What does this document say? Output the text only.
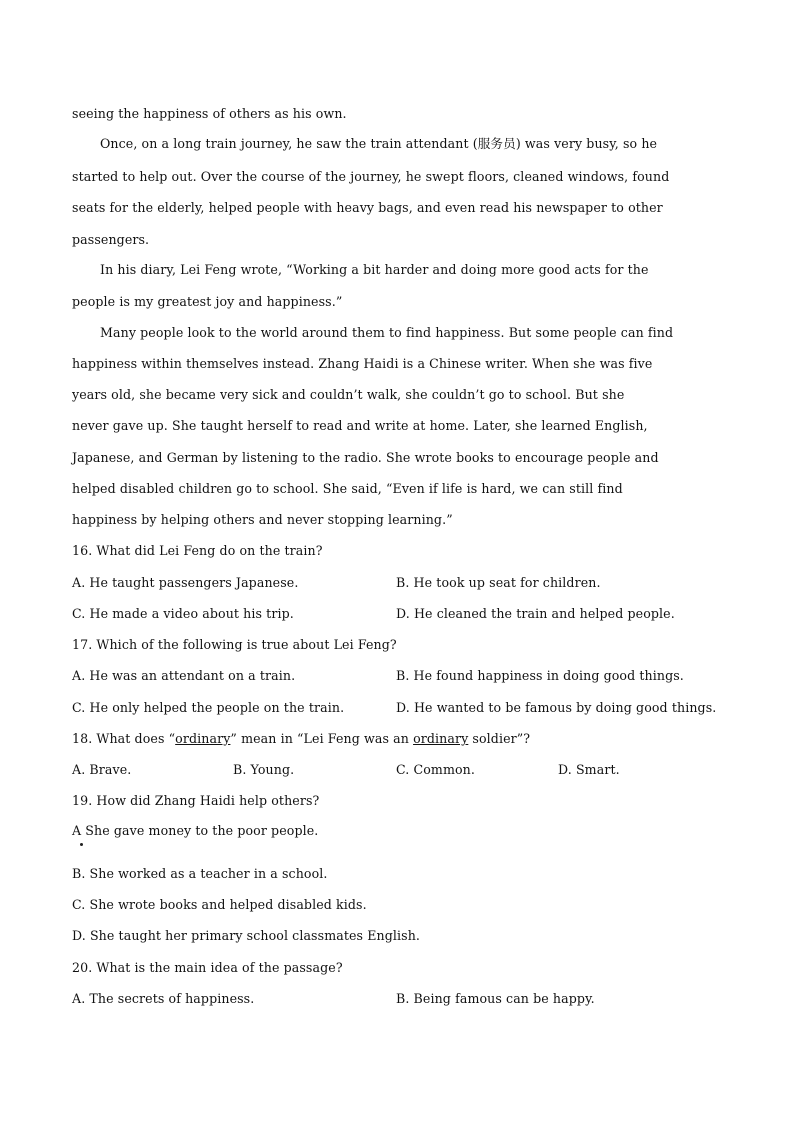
seeing the happiness of others as his own.
Once, on a long train journey, he saw the train attendant (服务员) was very busy, so he
started to help out. Over the course of the journey, he swept floors, cleaned windows, found
seats for the elderly, helped people with heavy bags, and even read his newspaper to other
passengers.
In his diary, Lei Feng wrote, “Working a bit harder and doing more good acts for the
people is my greatest joy and happiness.”
Many people look to the world around them to find happiness. But some people can find
happiness within themselves instead. Zhang Haidi is a Chinese writer. When she was five
years old, she became very sick and couldn’t walk, she couldn’t go to school. But she
never gave up. She taught herself to read and write at home. Later, she learned English,
Japanese, and German by listening to the radio. She wrote books to encourage people and
helped disabled children go to school. She said, “Even if life is hard, we can still find
happiness by helping others and never stopping learning.”
16. What did Lei Feng do on the train?
A. He taught passengers Japanese.	B. He took up seat for children.
C. He made a video about his trip.	D. He cleaned the train and helped people.
17. Which of the following is true about Lei Feng?
A. He was an attendant on a train.	B. He found happiness in doing good things.
C. He only helped the people on the train.	D. He wanted to be famous by doing good things.
18. What does “ordinary” mean in “Lei Feng was an ordinary soldier”?
A. Brave.	B. Young.	C. Common.	D. Smart.
19. How did Zhang Haidi help others?
A She gave money to the poor people.
B. She worked as a teacher in a school.
C. She wrote books and helped disabled kids.
D. She taught her primary school classmates English.
20. What is the main idea of the passage?
A. The secrets of happiness.	B. Being famous can be happy.
